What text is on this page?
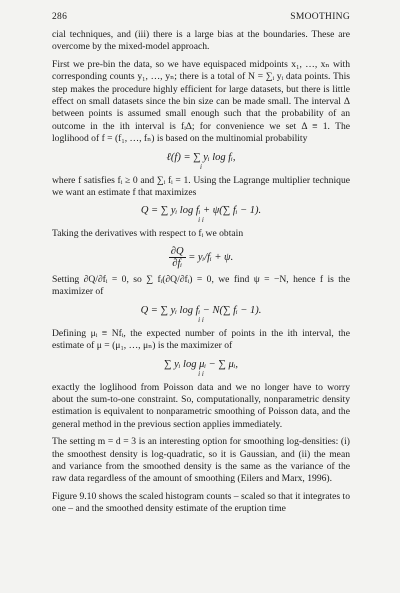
286	SMOOTHING

cial techniques, and (iii) there is a large bias at the boundaries. These are overcome by the mixed-model approach.

First we pre-bin the data, so we have equispaced midpoints x₁, …, xₙ with corresponding counts y₁, …, yₙ; there is a total of N = ∑ᵢ yᵢ data points. This step makes the procedure highly efficient for large datasets, but there is little effect on small datasets since the bin size can be made small. The interval Δ between points is assumed small enough such that the probability of an outcome in the ith interval is fᵢΔ; for convenience we set Δ ≡ 1. The loglihood of f = (f₁, …, fₙ) is based on the multinomial probability

ℓ(f) = ∑ yᵢ log fᵢ,
i

where f satisfies fᵢ ≥ 0 and ∑ᵢ fᵢ = 1. Using the Lagrange multiplier technique we want an estimate f that maximizes

Q = ∑ yᵢ log fᵢ + ψ(∑ fᵢ − 1).
i i

Taking the derivatives with respect to fᵢ we obtain

$\frac{\partial Q}{\text{∂fᵢ}}$ = yᵢ/fᵢ + ψ.

Setting ∂Q/∂fᵢ = 0, so ∑ fᵢ(∂Q/∂fᵢ) = 0, we find ψ = −N, hence f is the maximizer of

Q = ∑ yᵢ log fᵢ − N(∑ fᵢ − 1).
i i

Defining μᵢ ≡ Nfᵢ, the expected number of points in the ith interval, the estimate of μ = (μ₁, …, μₙ) is the maximizer of

∑ yᵢ log μᵢ − ∑ μᵢ,
i i

exactly the loglihood from Poisson data and we no longer have to worry about the sum-to-one constraint. So, computationally, nonparametric density estimation is equivalent to nonparametric smoothing of Poisson data, and the general method in the previous section applies immediately.

The setting m = d = 3 is an interesting option for smoothing log-densities: (i) the smoothest density is log-quadratic, so it is Gaussian, and (ii) the mean and variance from the smoothed density is the same as the variance of the raw data regardless of the amount of smoothing (Eilers and Marx, 1996).

Figure 9.10 shows the scaled histogram counts – scaled so that it integrates to one – and the smoothed density estimate of the eruption time
